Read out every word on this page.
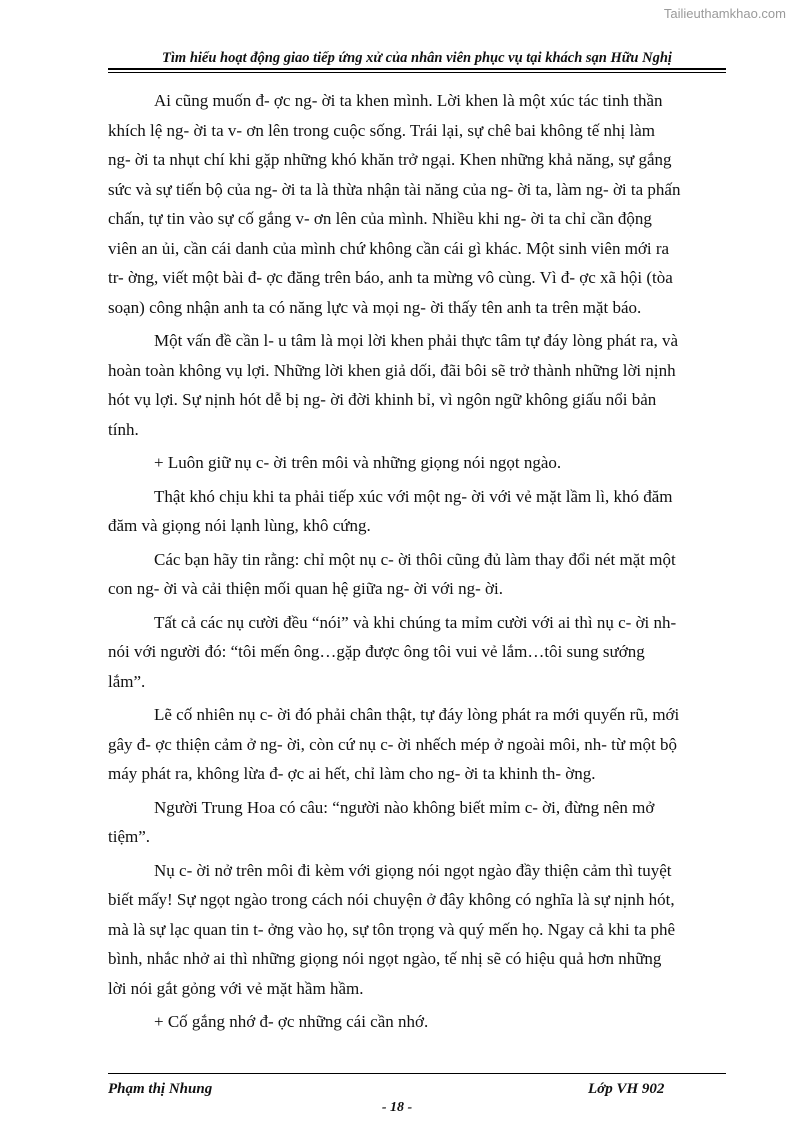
Tailieuthamkhao.com
Tìm hiểu hoạt động giao tiếp ứng xử của nhân viên phục vụ tại khách sạn Hữu Nghị

Ai cũng muốn đ- ợc ng- ời ta khen mình. Lời khen là một xúc tác tinh thần
khích lệ ng- ời ta v- ơn lên trong cuộc sống. Trái lại, sự chê bai không tế nhị làm
ng- ời ta nhụt chí khi gặp những khó khăn trở ngại. Khen những khả năng, sự gắng
sức và sự tiến bộ của ng- ời ta là thừa nhận tài năng của ng- ời ta, làm ng- ời ta phấn
chấn, tự tin vào sự cố gắng v- ơn lên của mình. Nhiều khi ng- ời ta chỉ cần động
viên an ủi, cần cái danh của mình chứ không cần cái gì khác. Một sinh viên mới ra
tr- ờng, viết một bài đ- ợc đăng trên báo, anh ta mừng vô cùng. Vì đ- ợc xã hội (tòa
soạn) công nhận anh ta có năng lực và mọi ng- ời thấy tên anh ta trên mặt báo.

Một vấn đề cần l- u tâm là mọi lời khen phải thực tâm tự đáy lòng phát ra, và
hoàn toàn không vụ lợi. Những lời khen giả dối, đãi bôi sẽ trở thành những lời nịnh
hót vụ lợi. Sự nịnh hót dễ bị ng- ời đời khinh bỉ, vì ngôn ngữ không giấu nổi bản
tính.

+ Luôn giữ nụ c- ời trên môi và những giọng nói ngọt ngào.

Thật khó chịu khi ta phải tiếp xúc với một ng- ời với vẻ mặt lầm lì, khó đăm
đăm và giọng nói lạnh lùng, khô cứng.

Các bạn hãy tin rằng: chỉ một nụ c- ời thôi cũng đủ làm thay đổi nét mặt một
con ng- ời và cải thiện mối quan hệ giữa ng- ời với ng- ời.

Tất cả các nụ cười đều “nói” và khi chúng ta mỉm cười với ai thì nụ c- ời nh-
nói với người đó: “tôi mến ông…gặp được ông tôi vui vẻ lắm…tôi sung sướng
lắm”.

Lẽ cố nhiên nụ c- ời đó phải chân thật, tự đáy lòng phát ra mới quyến rũ, mới
gây đ- ợc thiện cảm ở ng- ời, còn cứ nụ c- ời nhếch mép ở ngoài môi, nh- từ một bộ
máy phát ra, không lừa đ- ợc ai hết, chỉ làm cho ng- ời ta khinh th- ờng.

Người Trung Hoa có câu: “người nào không biết mỉm c- ời, đừng nên mở
tiệm”.

Nụ c- ời nở trên môi đi kèm với giọng nói ngọt ngào đầy thiện cảm thì tuyệt
biết mấy! Sự ngọt ngào trong cách nói chuyện ở đây không có nghĩa là sự nịnh hót,
mà là sự lạc quan tin t- ởng vào họ, sự tôn trọng và quý mến họ. Ngay cả khi ta phê
bình, nhắc nhở ai thì những giọng nói ngọt ngào, tế nhị sẽ có hiệu quả hơn những
lời nói gắt gỏng với vẻ mặt hầm hầm.

+ Cố gắng nhớ đ- ợc những cái cần nhớ.

Phạm thị Nhung	Lớp VH 902
- 18 -
